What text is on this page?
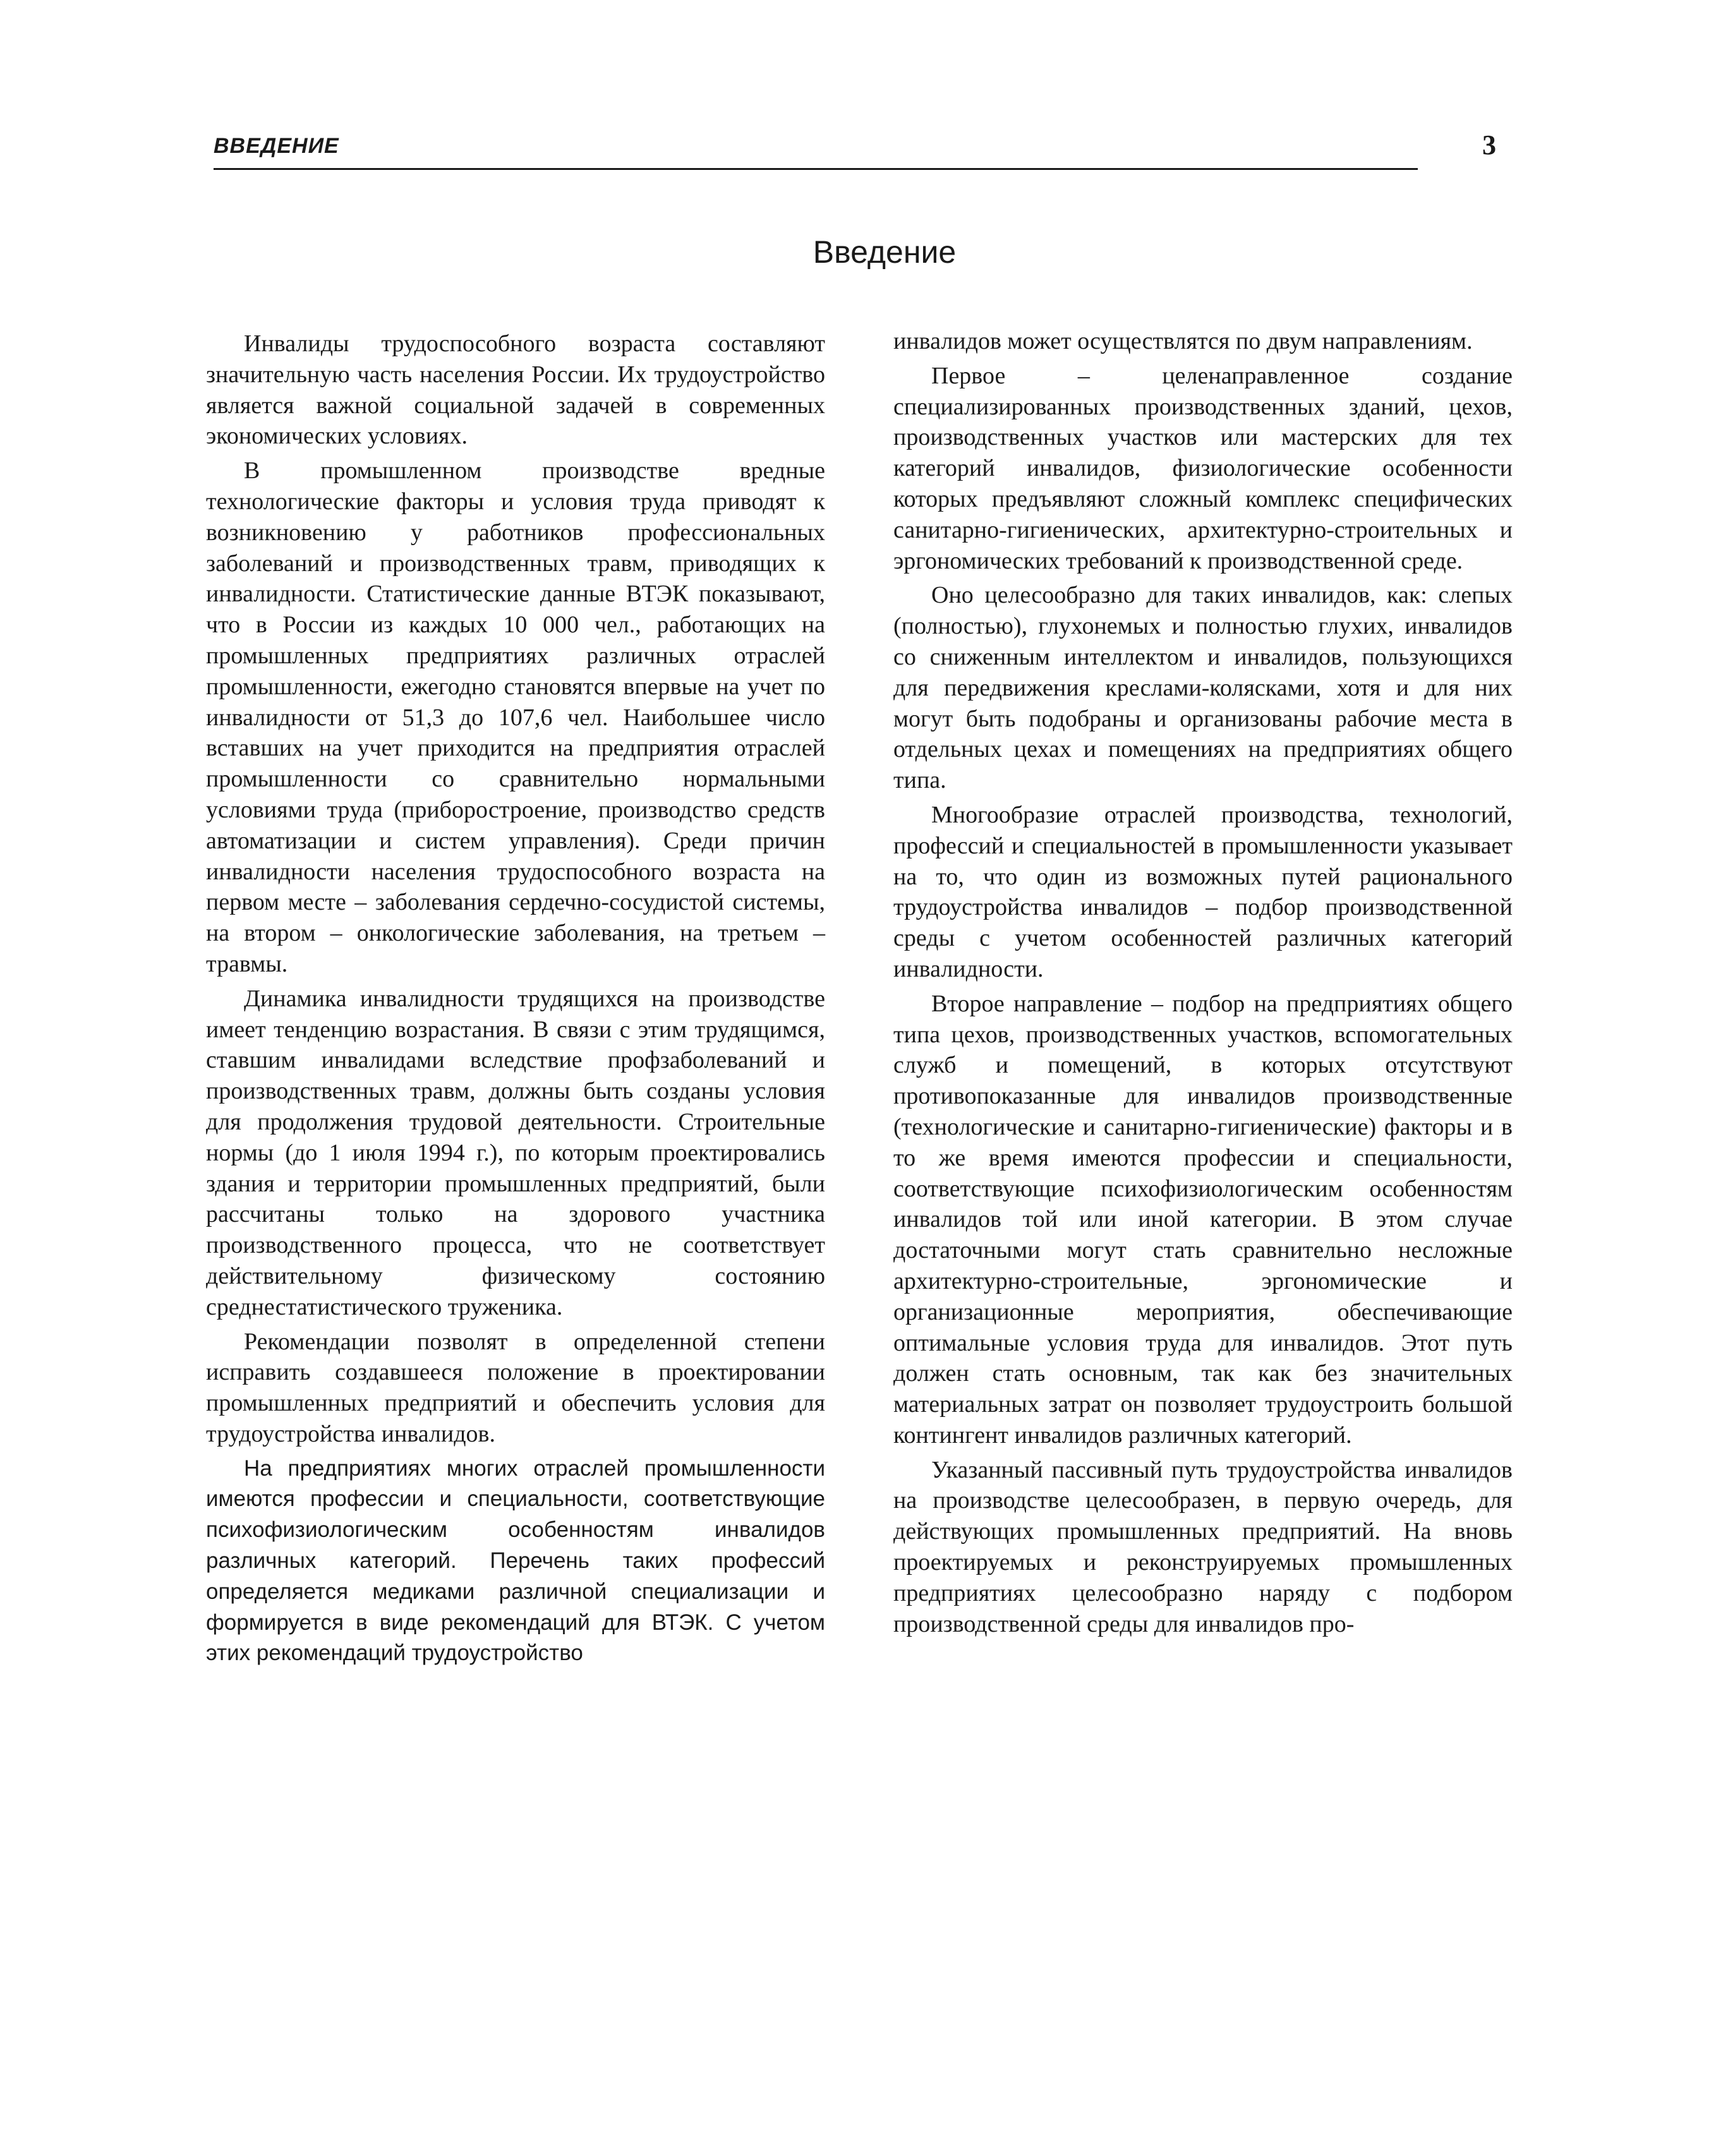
ВВЕДЕНИЕ	3
Введение

Инвалиды трудоспособного возраста составляют значительную часть населения России. Их трудоустройство является важной социальной задачей в современных экономических условиях.

В промышленном производстве вредные технологические факторы и условия труда приводят к возникновению у работников профессиональных заболеваний и производственных травм, приводящих к инвалидности. Статистические данные ВТЭК показывают, что в России из каждых 10 000 чел., работающих на промышленных предприятиях различных отраслей промышленности, ежегодно становятся впервые на учет по инвалидности от 51,3 до 107,6 чел. Наибольшее число вставших на учет приходится на предприятия отраслей промышленности со сравнительно нормальными условиями труда (приборостроение, производство средств автоматизации и систем управления). Среди причин инвалидности населения трудоспособного возраста на первом месте – заболевания сердечно-сосудистой системы, на втором – онкологические заболевания, на третьем – травмы.

Динамика инвалидности трудящихся на производстве имеет тенденцию возрастания. В связи с этим трудящимся, ставшим инвалидами вследствие профзаболеваний и производственных травм, должны быть созданы условия для продолжения трудовой деятельности. Строительные нормы (до 1 июля 1994 г.), по которым проектировались здания и территории промышленных предприятий, были рассчитаны только на здорового участника производственного процесса, что не соответствует действительному физическому состоянию среднестатистического труженика.

Рекомендации позволят в определенной степени исправить создавшееся положение в проектировании промышленных предприятий и обеспечить условия для трудоустройства инвалидов.

На предприятиях многих отраслей промышленности имеются профессии и специальности, соответствующие психофизиологическим особенностям инвалидов различных категорий. Перечень таких профессий определяется медиками различной специализации и формируется в виде рекомендаций для ВТЭК. С учетом этих рекомендаций трудоустройство

инвалидов может осуществлятся по двум направлениям.

Первое – целенаправленное создание специализированных производственных зданий, цехов, производственных участков или мастерских для тех категорий инвалидов, физиологические особенности которых предъявляют сложный комплекс специфических санитарно-гигиенических, архитектурно-строительных и эргономических требований к производственной среде.

Оно целесообразно для таких инвалидов, как: слепых (полностью), глухонемых и полностью глухих, инвалидов со сниженным интеллектом и инвалидов, пользующихся для передвижения креслами-колясками, хотя и для них могут быть подобраны и организованы рабочие места в отдельных цехах и помещениях на предприятиях общего типа.

Многообразие отраслей производства, технологий, профессий и специальностей в промышленности указывает на то, что один из возможных путей рационального трудоустройства инвалидов – подбор производственной среды с учетом особенностей различных категорий инвалидности.

Второе направление – подбор на предприятиях общего типа цехов, производственных участков, вспомогательных служб и помещений, в которых отсутствуют противопоказанные для инвалидов производственные (технологические и санитарно-гигиенические) факторы и в то же время имеются профессии и специальности, соответствующие психофизиологическим особенностям инвалидов той или иной категории. В этом случае достаточными могут стать сравнительно несложные архитектурно-строительные, эргономические и организационные мероприятия, обеспечивающие оптимальные условия труда для инвалидов. Этот путь должен стать основным, так как без значительных материальных затрат он позволяет трудоустроить большой контингент инвалидов различных категорий.

Указанный пассивный путь трудоустройства инвалидов на производстве целесообразен, в первую очередь, для действующих промышленных предприятий. На вновь проектируемых и реконструируемых промышленных предприятиях целесообразно наряду с подбором производственной среды для инвалидов про-
